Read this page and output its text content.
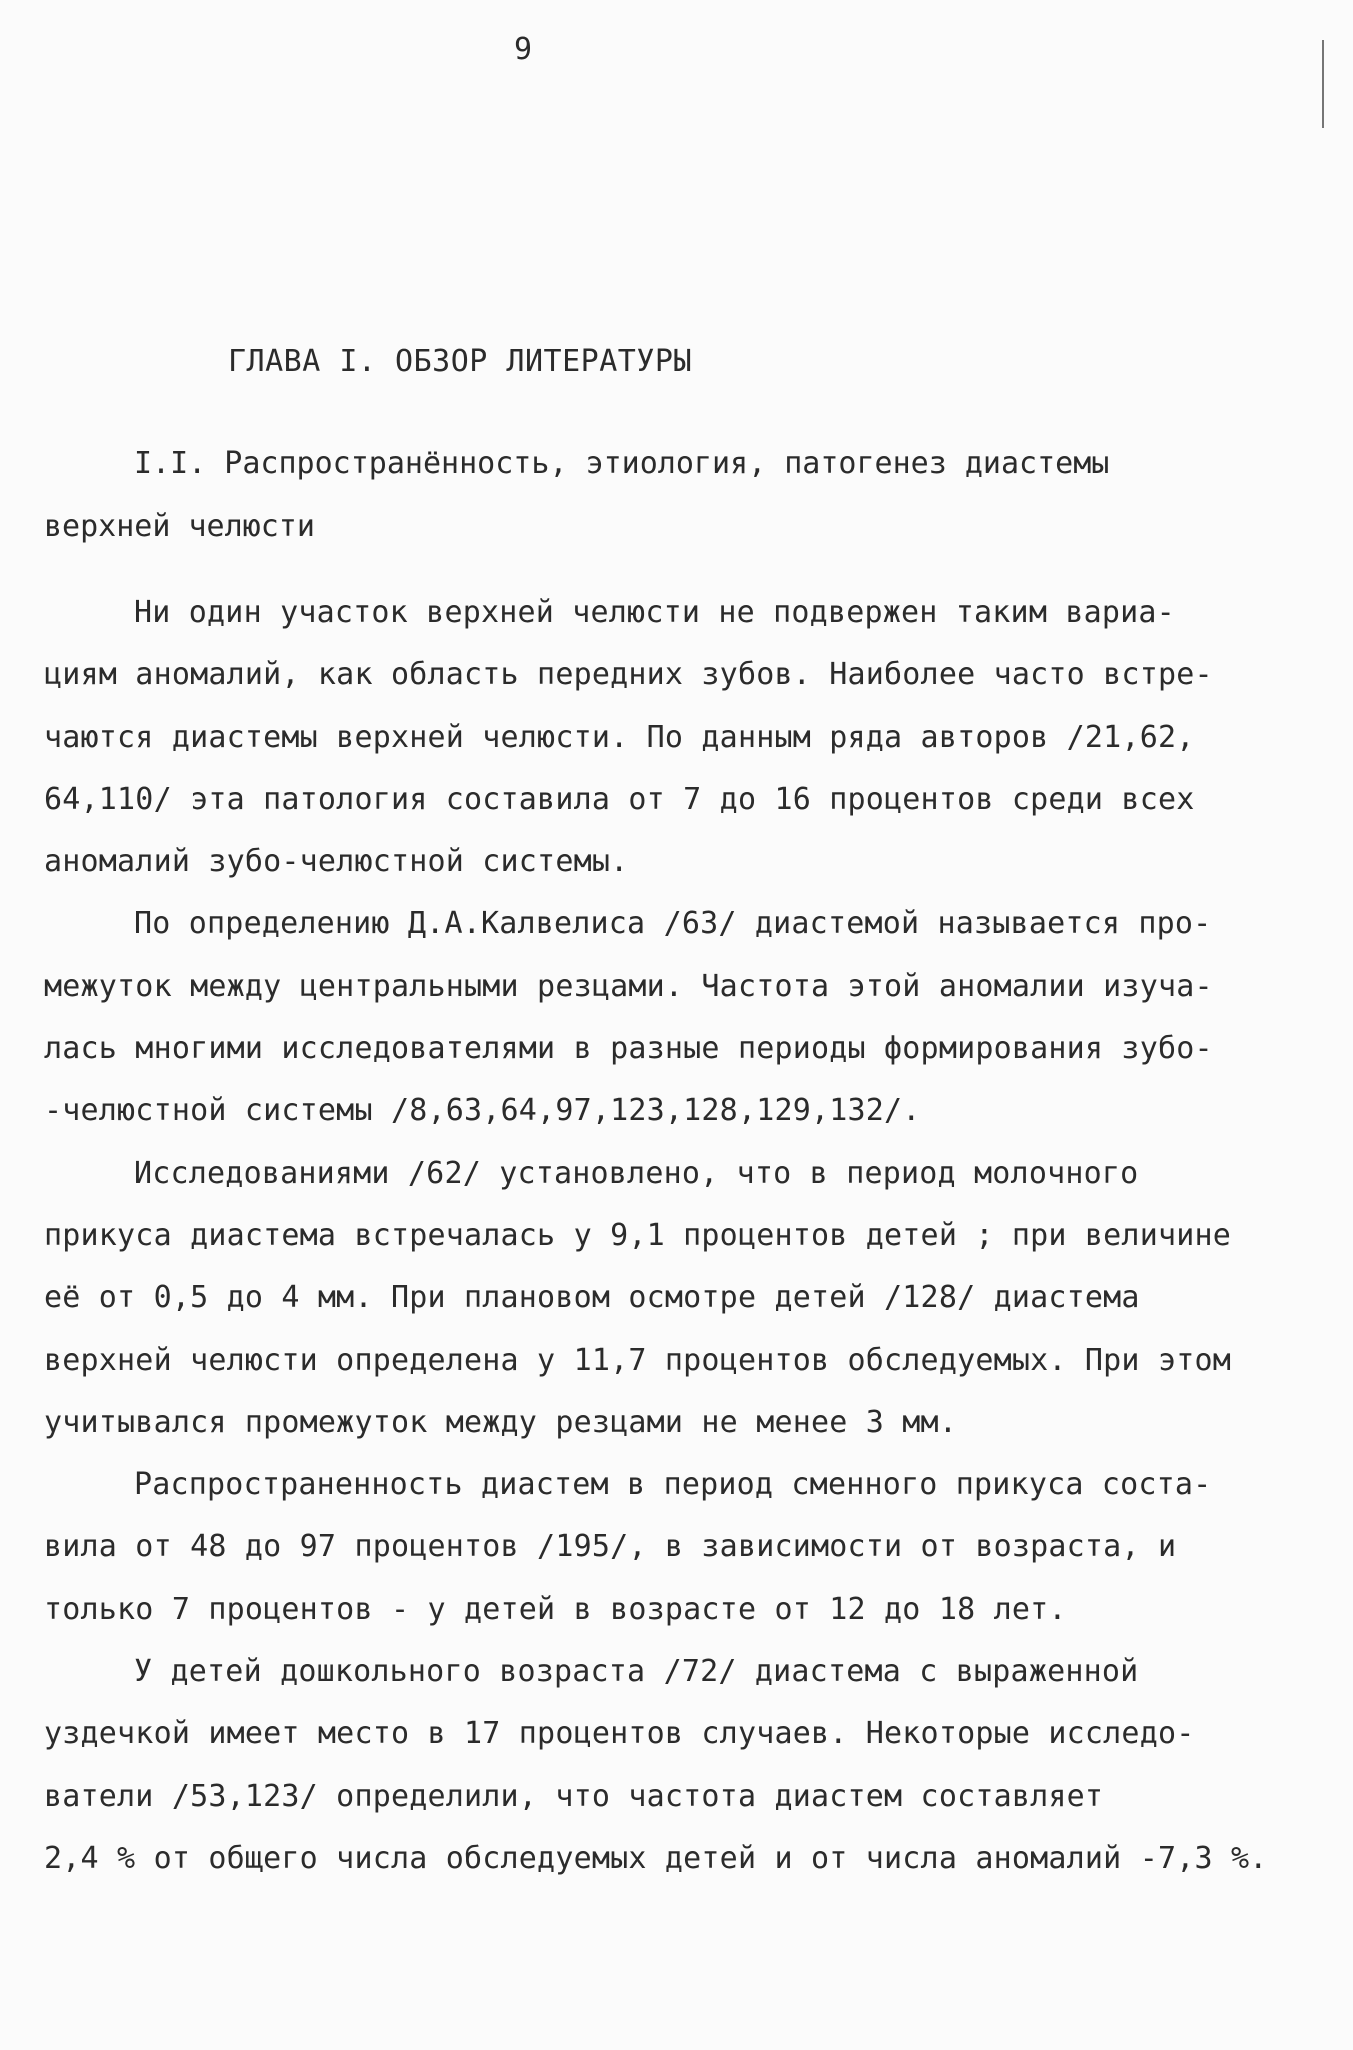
9
ГЛАВА I. ОБЗОР ЛИТЕРАТУРЫ
I.I. Распространённость, этиология, патогенез диастемы
верхней челюсти
Ни один участок верхней челюсти не подвержен таким вариа-
циям аномалий, как область передних зубов. Наиболее часто встре-
чаются диастемы верхней челюсти. По данным ряда авторов /21,62,
64,110/ эта патология составила от 7 до 16 процентов среди всех
аномалий зубо-челюстной системы.
По определению Д.А.Калвелиса /63/ диастемой называется про-
межуток между центральными резцами. Частота этой аномалии изуча-
лась многими исследователями в разные периоды формирования зубо-
-челюстной системы /8,63,64,97,123,128,129,132/.
Исследованиями /62/ установлено, что в период молочного
прикуса диастема встречалась у 9,1 процентов детей ; при величине
её от 0,5 до 4 мм. При плановом осмотре детей /128/ диастема
верхней челюсти определена у 11,7 процентов обследуемых. При этом
учитывался промежуток между резцами не менее 3 мм.
Распространенность диастем в период сменного прикуса соста-
вила от 48 до 97 процентов /195/, в зависимости от возраста, и
только 7 процентов - у детей в возрасте от 12 до 18 лет.
У детей дошкольного возраста /72/ диастема с выраженной
уздечкой имеет место в 17 процентов случаев. Некоторые исследо-
ватели /53,123/ определили, что частота диастем составляет
2,4 % от общего числа обследуемых детей и от числа аномалий -7,3 %.
